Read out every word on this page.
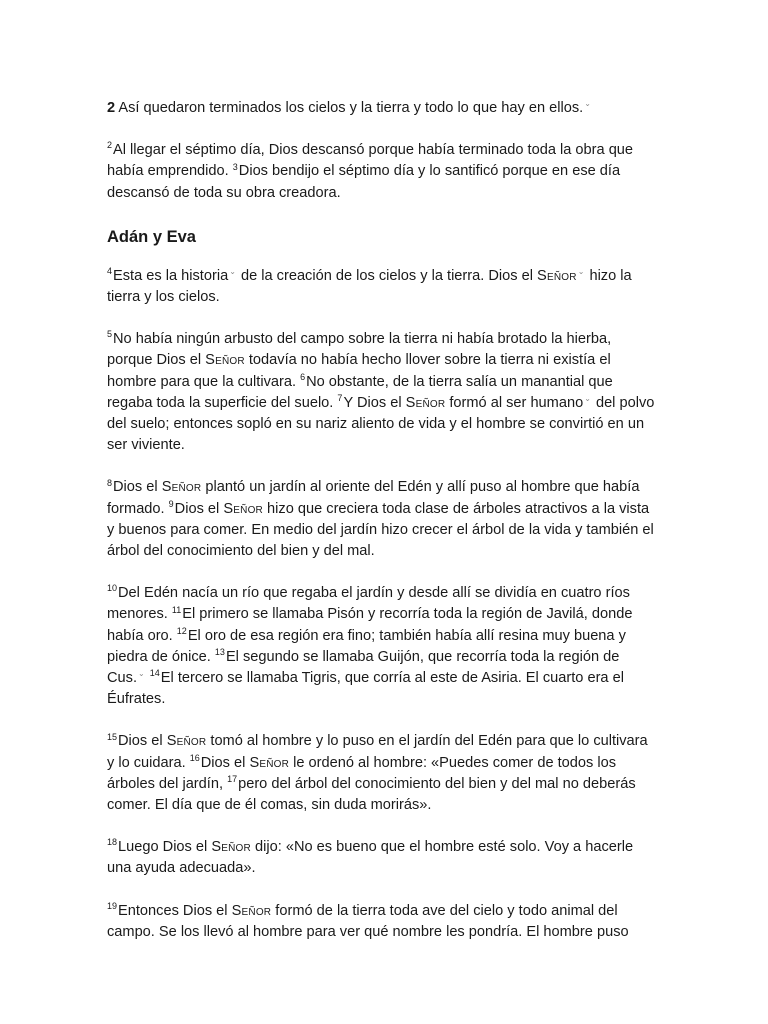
2 Así quedaron terminados los cielos y la tierra y todo lo que hay en ellos.⌄

$^2$Al llegar el séptimo día, Dios descansó porque había terminado toda la obra que había emprendido. $^3$Dios bendijo el séptimo día y lo santificó porque en ese día descansó de toda su obra creadora.

Adán y Eva

$^4$Esta es la historia⌄ de la creación de los cielos y la tierra. Dios el Señor⌄ hizo la tierra y los cielos.

$^5$No había ningún arbusto del campo sobre la tierra ni había brotado la hierba, porque Dios el Señor todavía no había hecho llover sobre la tierra ni existía el hombre para que la cultivara. $^6$No obstante, de la tierra salía un manantial que regaba toda la superficie del suelo. $^7$Y Dios el Señor formó al ser humano⌄ del polvo del suelo; entonces sopló en su nariz aliento de vida y el hombre se convirtió en un ser viviente.

$^8$Dios el Señor plantó un jardín al oriente del Edén y allí puso al hombre que había formado. $^9$Dios el Señor hizo que creciera toda clase de árboles atractivos a la vista y buenos para comer. En medio del jardín hizo crecer el árbol de la vida y también el árbol del conocimiento del bien y del mal.

$^{10}$Del Edén nacía un río que regaba el jardín y desde allí se dividía en cuatro ríos menores. $^{11}$El primero se llamaba Pisón y recorría toda la región de Javilá, donde había oro. $^{12}$El oro de esa región era fino; también había allí resina muy buena y piedra de ónice. $^{13}$El segundo se llamaba Guijón, que recorría toda la región de Cus.⌄ $^{14}$El tercero se llamaba Tigris, que corría al este de Asiria. El cuarto era el Éufrates.

$^{15}$Dios el Señor tomó al hombre y lo puso en el jardín del Edén para que lo cultivara y lo cuidara. $^{16}$Dios el Señor le ordenó al hombre: «Puedes comer de todos los árboles del jardín, $^{17}$pero del árbol del conocimiento del bien y del mal no deberás comer. El día que de él comas, sin duda morirás».

$^{18}$Luego Dios el Señor dijo: «No es bueno que el hombre esté solo. Voy a hacerle una ayuda adecuada».

$^{19}$Entonces Dios el Señor formó de la tierra toda ave del cielo y todo animal del campo. Se los llevó al hombre para ver qué nombre les pondría. El hombre puso
